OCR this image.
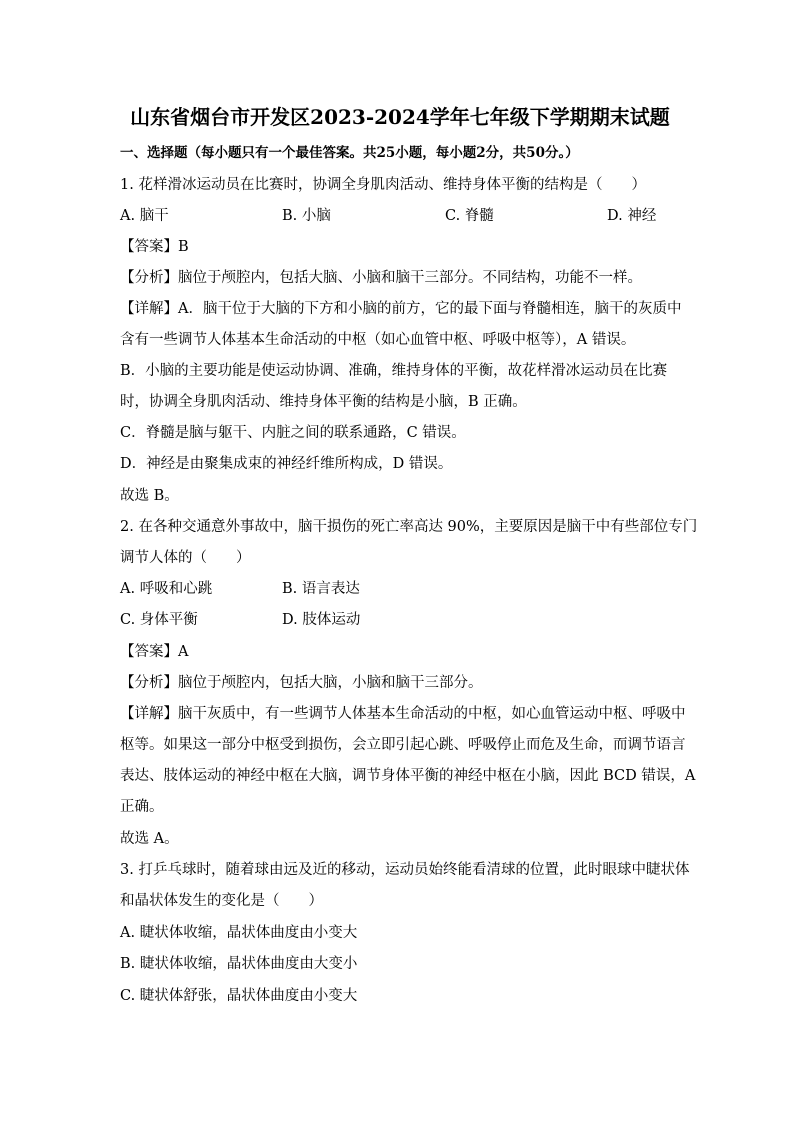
山东省烟台市开发区2023-2024学年七年级下学期期末试题
一、选择题（每小题只有一个最佳答案。共25小题，每小题2分，共50分。）
1. 花样滑冰运动员在比赛时，协调全身肌肉活动、维持身体平衡的结构是（　　）
A. 脑干	B. 小脑	C. 脊髓	D. 神经
【答案】B
【分析】脑位于颅腔内，包括大脑、小脑和脑干三部分。不同结构，功能不一样。
【详解】A．脑干位于大脑的下方和小脑的前方，它的最下面与脊髓相连，脑干的灰质中
含有一些调节人体基本生命活动的中枢（如心血管中枢、呼吸中枢等），A 错误。
B．小脑的主要功能是使运动协调、准确，维持身体的平衡，故花样滑冰运动员在比赛
时，协调全身肌肉活动、维持身体平衡的结构是小脑，B 正确。
C．脊髓是脑与躯干、内脏之间的联系通路，C 错误。
D．神经是由聚集成束的神经纤维所构成，D 错误。
故选 B。
2. 在各种交通意外事故中，脑干损伤的死亡率高达 90%，主要原因是脑干中有些部位专门
调节人体的（　　）
A. 呼吸和心跳	B. 语言表达
C. 身体平衡	D. 肢体运动
【答案】A
【分析】脑位于颅腔内，包括大脑，小脑和脑干三部分。
【详解】脑干灰质中，有一些调节人体基本生命活动的中枢，如心血管运动中枢、呼吸中
枢等。如果这一部分中枢受到损伤，会立即引起心跳、呼吸停止而危及生命，而调节语言
表达、肢体运动的神经中枢在大脑，调节身体平衡的神经中枢在小脑，因此 BCD 错误，A
正确。
故选 A。
3. 打乒乓球时，随着球由远及近的移动，运动员始终能看清球的位置，此时眼球中睫状体
和晶状体发生的变化是（　　）
A. 睫状体收缩，晶状体曲度由小变大
B. 睫状体收缩，晶状体曲度由大变小
C. 睫状体舒张，晶状体曲度由小变大
